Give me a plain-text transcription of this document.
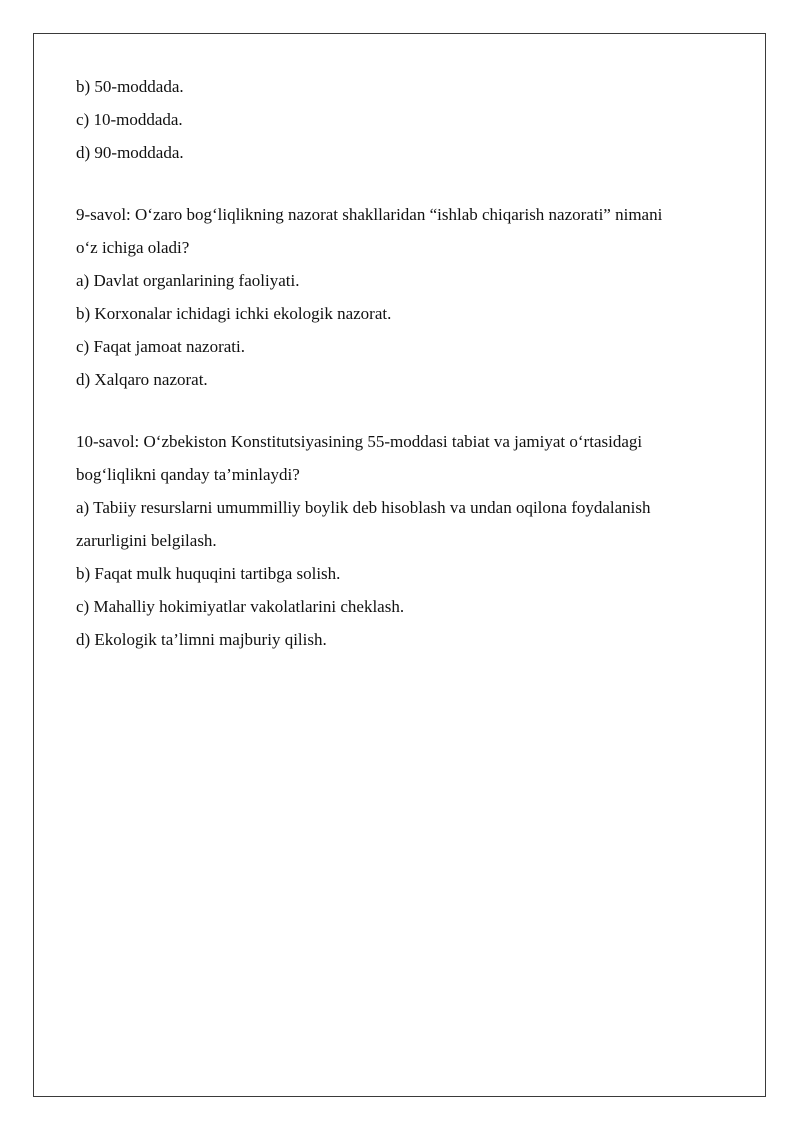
b) 50-moddada.
c) 10-moddada.
d) 90-moddada.
9-savol: O‘zaro bog‘liqlikning nazorat shakllaridan “ishlab chiqarish nazorati” nimani
o‘z ichiga oladi?
a) Davlat organlarining faoliyati.
b) Korxonalar ichidagi ichki ekologik nazorat.
c) Faqat jamoat nazorati.
d) Xalqaro nazorat.
10-savol: O‘zbekiston Konstitutsiyasining 55-moddasi tabiat va jamiyat o‘rtasidagi
bog‘liqlikni qanday ta’minlaydi?
a) Tabiiy resurslarni umummilliy boylik deb hisoblash va undan oqilona foydalanish
zarurligini belgilash.
b) Faqat mulk huquqini tartibga solish.
c) Mahalliy hokimiyatlar vakolatlarini cheklash.
d) Ekologik ta’limni majburiy qilish.
